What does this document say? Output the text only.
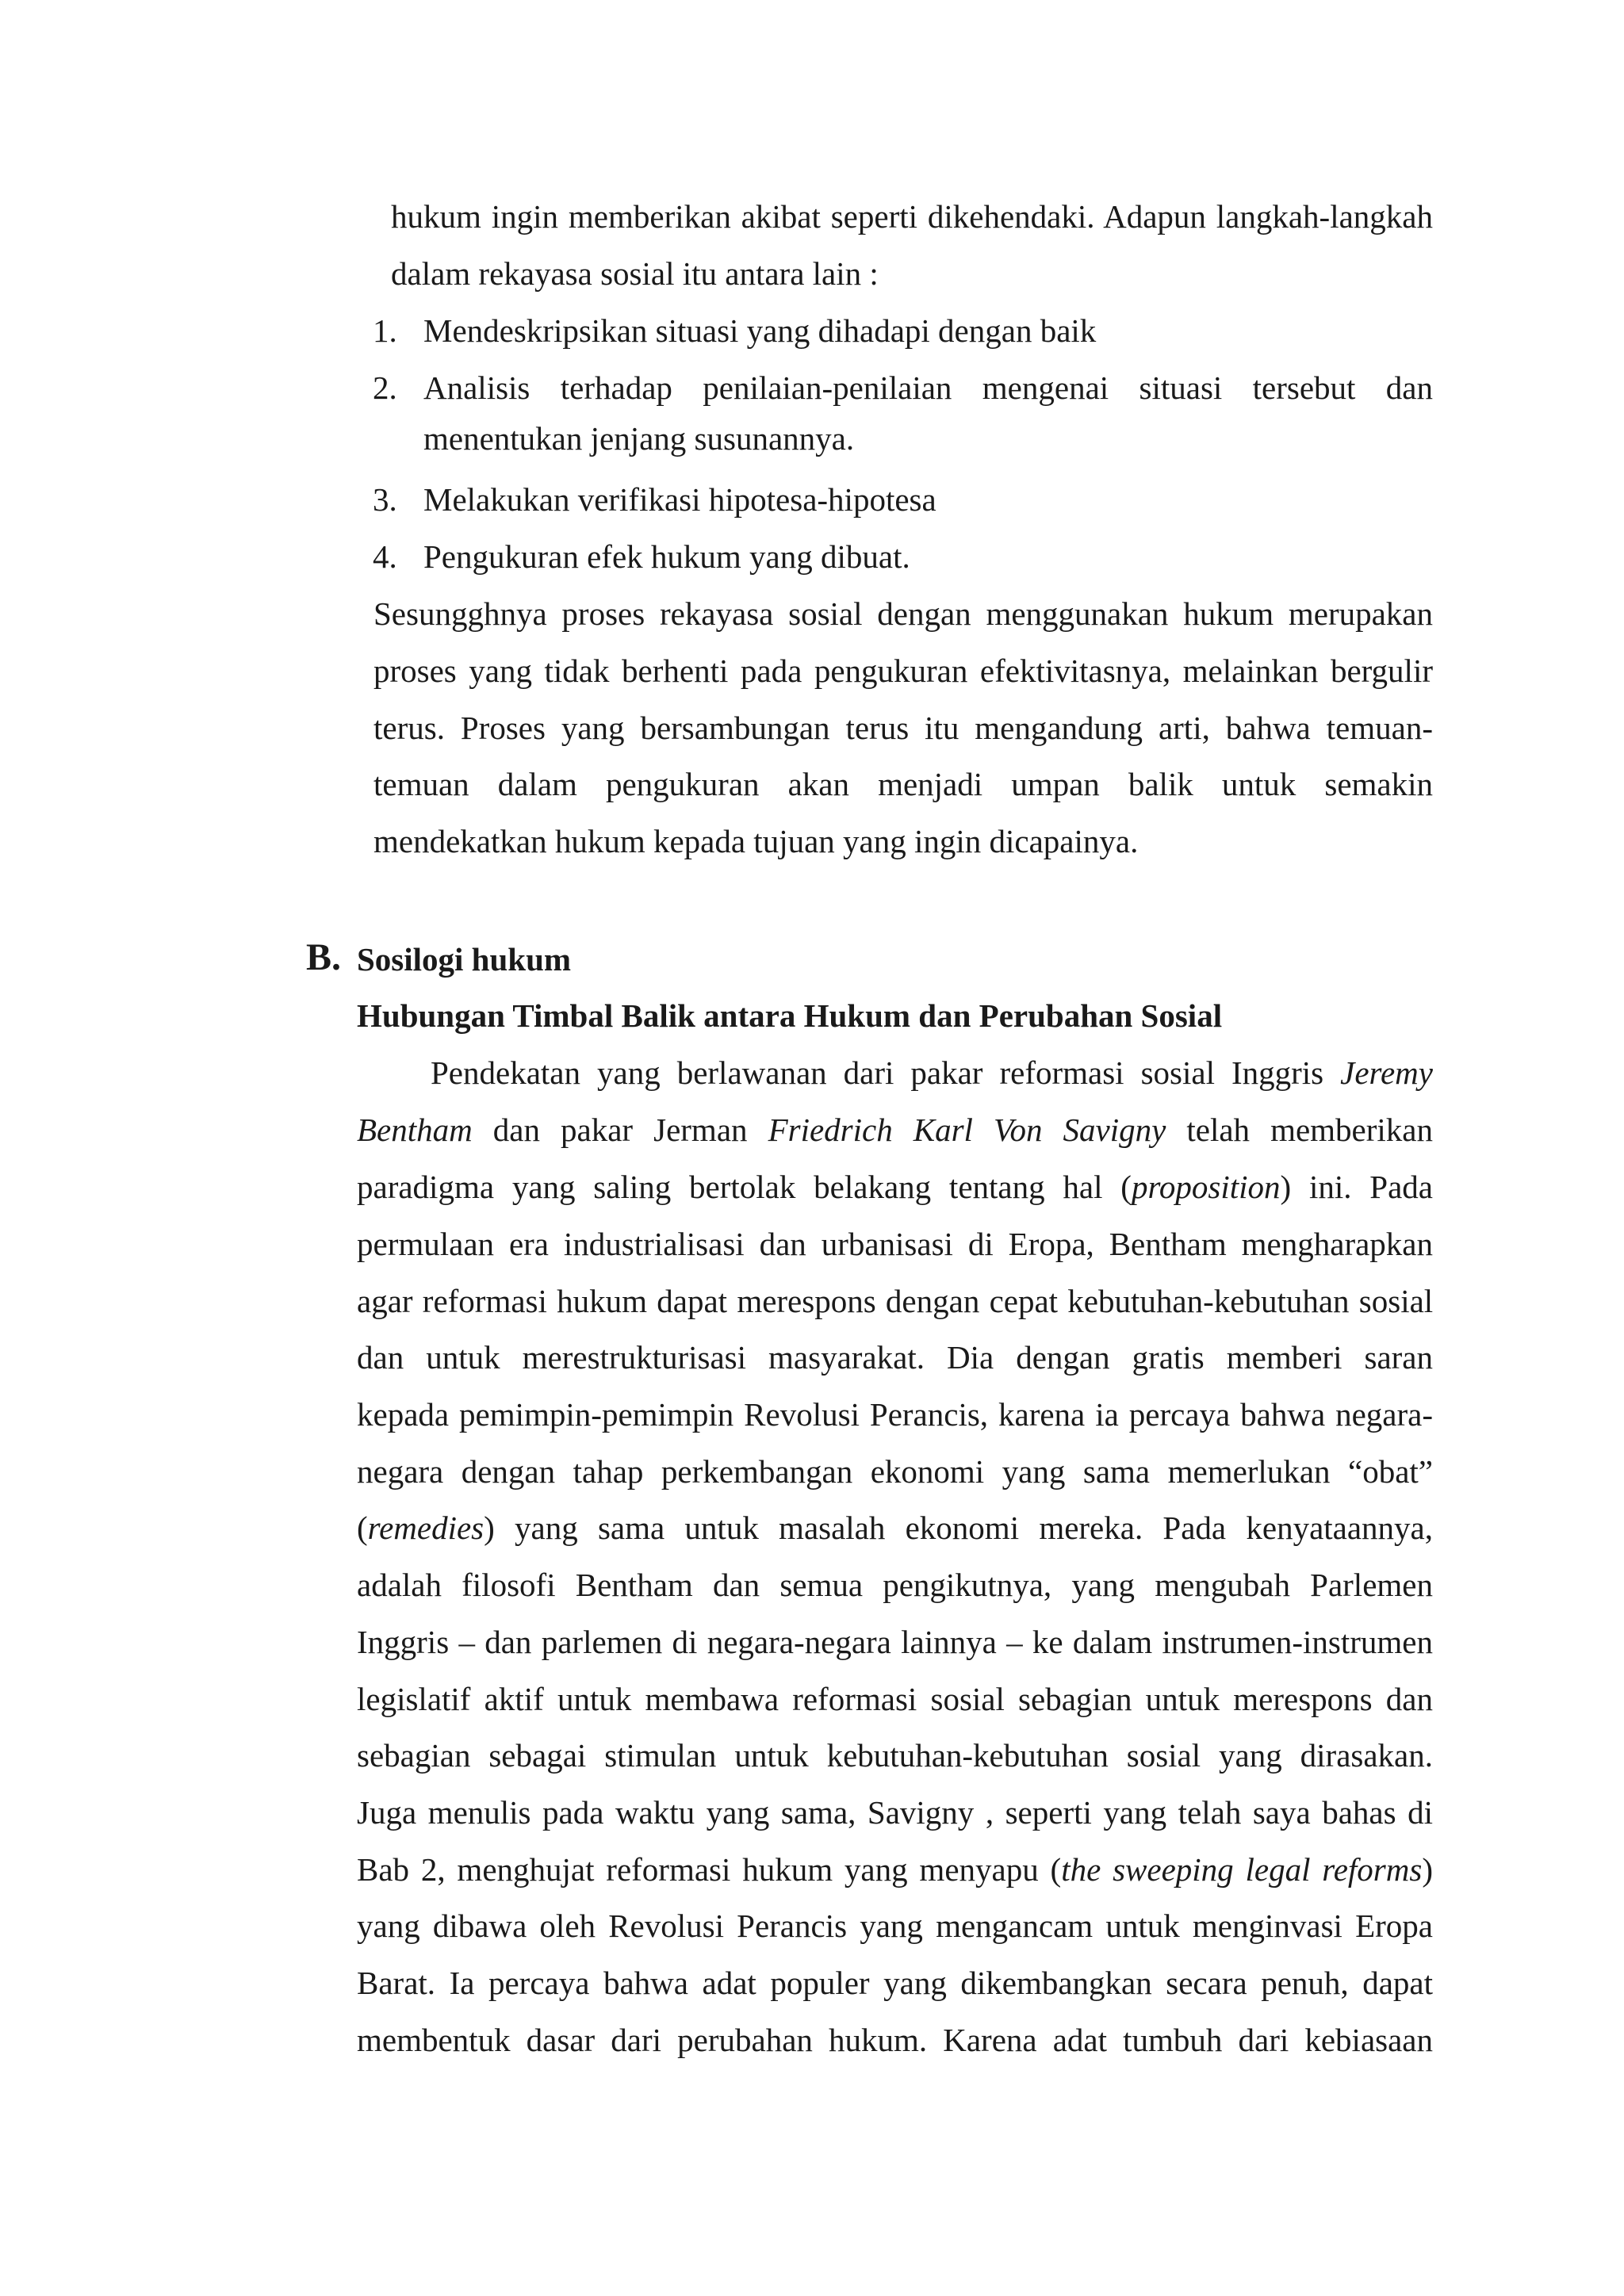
hukum ingin memberikan akibat seperti dikehendaki. Adapun langkah-langkah

dalam rekayasa sosial itu antara lain :

1. Mendeskripsikan situasi yang dihadapi dengan baik

2. Analisis terhadap penilaian-penilaian mengenai situasi tersebut dan

menentukan jenjang susunannya.

3. Melakukan verifikasi hipotesa-hipotesa

4. Pengukuran efek hukum yang dibuat.

Sesungghnya proses rekayasa sosial dengan menggunakan hukum merupakan

proses yang tidak berhenti pada pengukuran efektivitasnya, melainkan bergulir

terus. Proses yang bersambungan terus itu mengandung arti, bahwa temuan-

temuan dalam pengukuran akan menjadi umpan balik untuk semakin

mendekatkan hukum kepada tujuan yang ingin dicapainya.

B. Sosilogi hukum

Hubungan Timbal Balik antara Hukum dan Perubahan Sosial

Pendekatan yang berlawanan dari pakar reformasi sosial Inggris Jeremy

Bentham dan pakar Jerman Friedrich Karl Von Savigny telah memberikan

paradigma yang saling bertolak belakang tentang hal (proposition) ini. Pada

permulaan era industrialisasi dan urbanisasi di Eropa, Bentham mengharapkan

agar reformasi hukum dapat merespons dengan cepat kebutuhan-kebutuhan sosial

dan untuk merestrukturisasi masyarakat. Dia dengan gratis memberi saran

kepada pemimpin-pemimpin Revolusi Perancis, karena ia percaya bahwa negara-

negara dengan tahap perkembangan ekonomi yang sama memerlukan “obat”

(remedies) yang sama untuk masalah ekonomi mereka. Pada kenyataannya,

adalah filosofi Bentham dan semua pengikutnya, yang mengubah Parlemen

Inggris – dan parlemen di negara-negara lainnya – ke dalam instrumen-instrumen

legislatif aktif untuk membawa reformasi sosial sebagian untuk merespons dan

sebagian sebagai stimulan untuk kebutuhan-kebutuhan sosial yang dirasakan.

Juga menulis pada waktu yang sama, Savigny , seperti yang telah saya bahas di

Bab 2, menghujat reformasi hukum yang menyapu (the sweeping legal reforms)

yang dibawa oleh Revolusi Perancis yang mengancam untuk menginvasi Eropa

Barat. Ia percaya bahwa adat populer yang dikembangkan secara penuh, dapat

membentuk dasar dari perubahan hukum. Karena adat tumbuh dari kebiasaan
